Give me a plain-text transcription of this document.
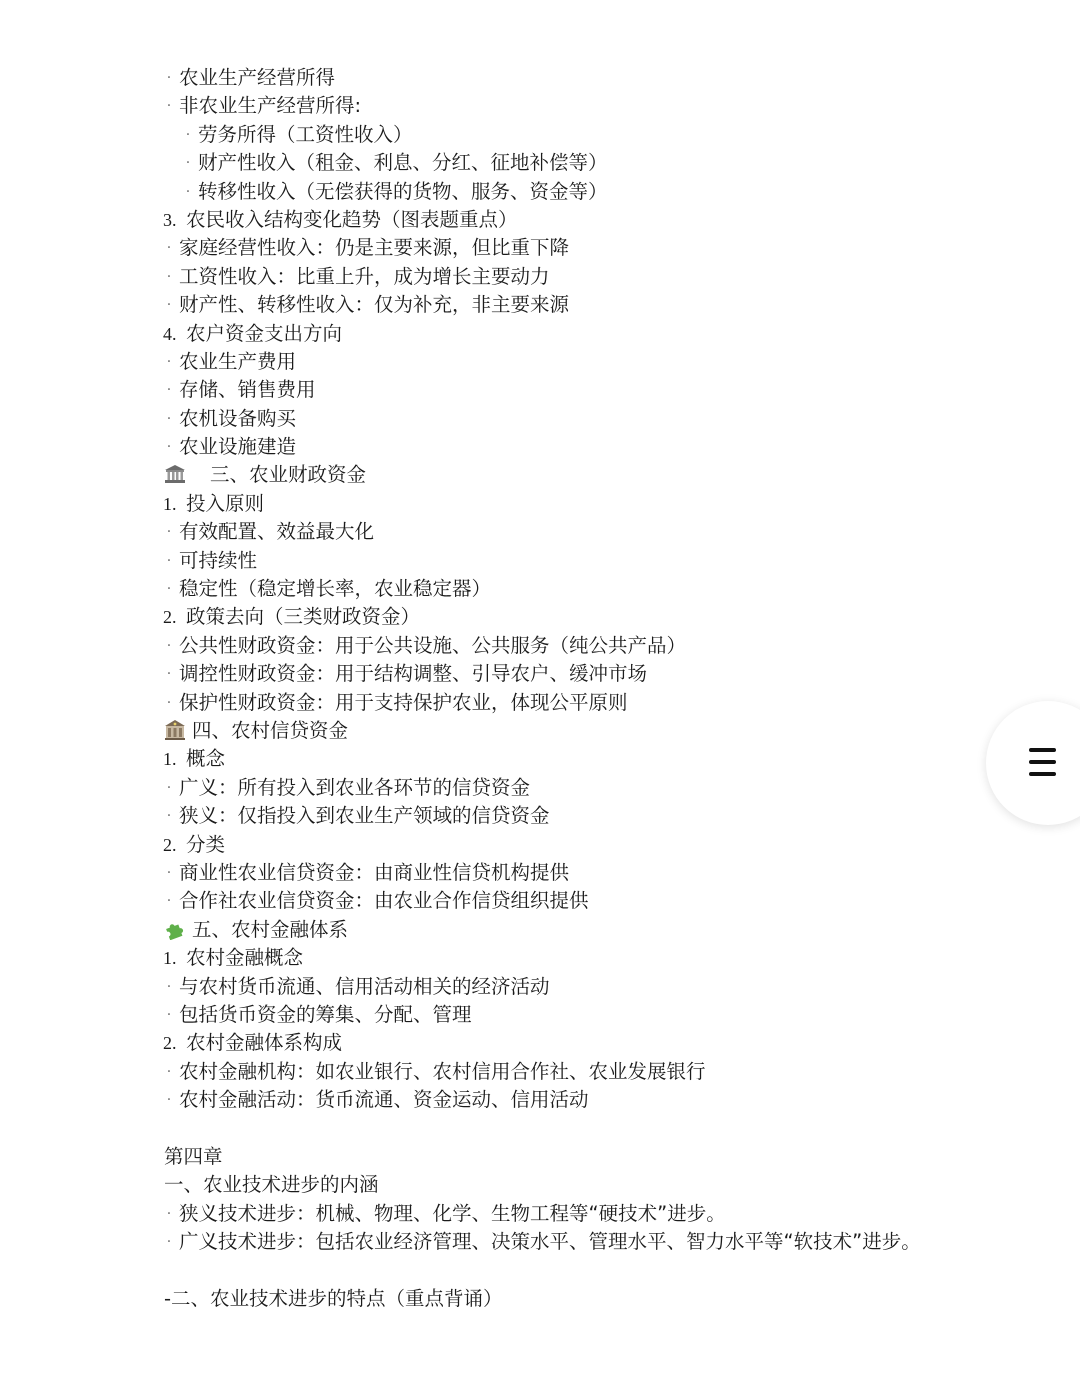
· 农业生产经营所得
· 非农业生产经营所得:
· 劳务所得（工资性收入）
· 财产性收入（租金、利息、分红、征地补偿等）
· 转移性收入（无偿获得的货物、服务、资金等）
3. 农民收入结构变化趋势（图表题重点）
· 家庭经营性收入：仍是主要来源，但比重下降
· 工资性收入：比重上升，成为增长主要动力
· 财产性、转移性收入：仅为补充，非主要来源
4. 农户资金支出方向
· 农业生产费用
· 存储、销售费用
· 农机设备购买
· 农业设施建造
三、农业财政资金
1. 投入原则
· 有效配置、效益最大化
· 可持续性
· 稳定性（稳定增长率，农业稳定器）
2. 政策去向（三类财政资金）
· 公共性财政资金：用于公共设施、公共服务（纯公共产品）
· 调控性财政资金：用于结构调整、引导农户、缓冲市场
· 保护性财政资金：用于支持保护农业，体现公平原则
四、农村信贷资金
1. 概念
· 广义：所有投入到农业各环节的信贷资金
· 狭义：仅指投入到农业生产领域的信贷资金
2. 分类
· 商业性农业信贷资金：由商业性信贷机构提供
· 合作社农业信贷资金：由农业合作信贷组织提供
五、农村金融体系
1. 农村金融概念
· 与农村货币流通、信用活动相关的经济活动
· 包括货币资金的筹集、分配、管理
2. 农村金融体系构成
· 农村金融机构：如农业银行、农村信用合作社、农业发展银行
· 农村金融活动：货币流通、资金运动、信用活动
第四章
一、农业技术进步的内涵
· 狭义技术进步：机械、物理、化学、生物工程等“硬技术”进步。
· 广义技术进步：包括农业经济管理、决策水平、管理水平、智力水平等“软技术”进步。
-二、农业技术进步的特点（重点背诵）
